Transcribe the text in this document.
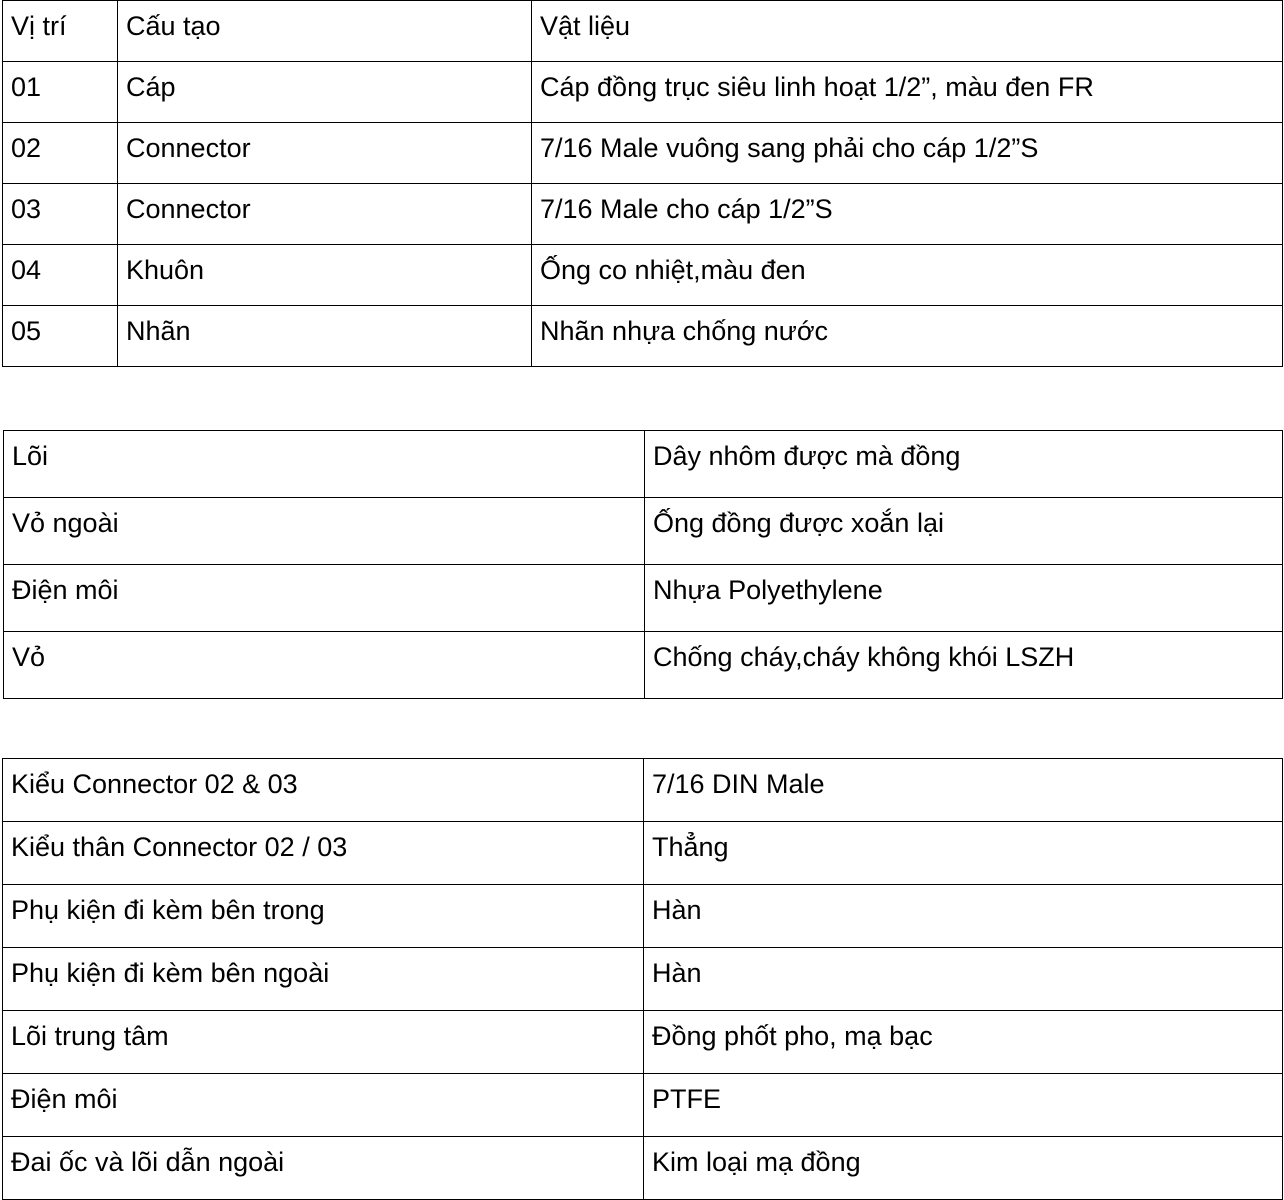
Vị trí	Cấu tạo	Vật liệu
01	Cáp	Cáp đồng trục siêu linh hoạt 1/2”, màu đen FR
02	Connector	7/16 Male vuông sang phải cho cáp 1/2”S
03	Connector	7/16 Male cho cáp 1/2”S
04	Khuôn	Ống co nhiệt,màu đen
05	Nhãn	Nhãn nhựa chống nước
Lõi	Dây nhôm được mà đồng
Vỏ ngoài	Ống đồng được xoắn lại
Điện môi	Nhựa Polyethylene
Vỏ	Chống cháy,cháy không khói LSZH
Kiểu Connector 02 & 03	7/16 DIN Male
Kiểu thân Connector 02 / 03	Thẳng
Phụ kiện đi kèm bên trong	Hàn
Phụ kiện đi kèm bên ngoài	Hàn
Lõi trung tâm	Đồng phốt pho, mạ bạc
Điện môi	PTFE
Đai ốc và lõi dẫn ngoài	Kim loại mạ đồng
